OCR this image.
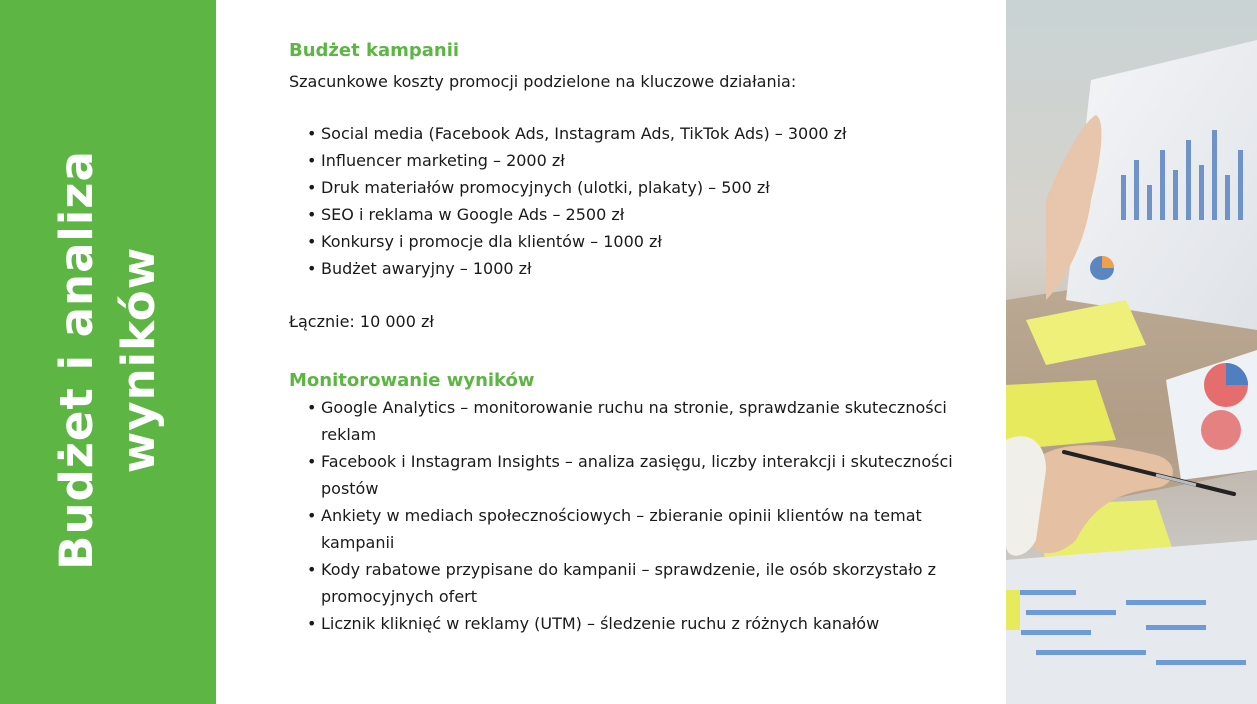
Budżet i analiza wyników
Budżet kampanii

Szacunkowe koszty promocji podzielone na kluczowe działania:

• Social media (Facebook Ads, Instagram Ads, TikTok Ads) – 3000 zł
• Influencer marketing – 2000 zł
• Druk materiałów promocyjnych (ulotki, plakaty) – 500 zł
• SEO i reklama w Google Ads – 2500 zł
• Konkursy i promocje dla klientów – 1000 zł
• Budżet awaryjny – 1000 zł

Łącznie: 10 000 zł

Monitorowanie wyników
• Google Analytics – monitorowanie ruchu na stronie, sprawdzanie skuteczności reklam
• Facebook i Instagram Insights – analiza zasięgu, liczby interakcji i skuteczności postów
• Ankiety w mediach społecznościowych – zbieranie opinii klientów na temat kampanii
• Kody rabatowe przypisane do kampanii – sprawdzenie, ile osób skorzystało z promocyjnych ofert
• Licznik kliknięć w reklamy (UTM) – śledzenie ruchu z różnych kanałów
